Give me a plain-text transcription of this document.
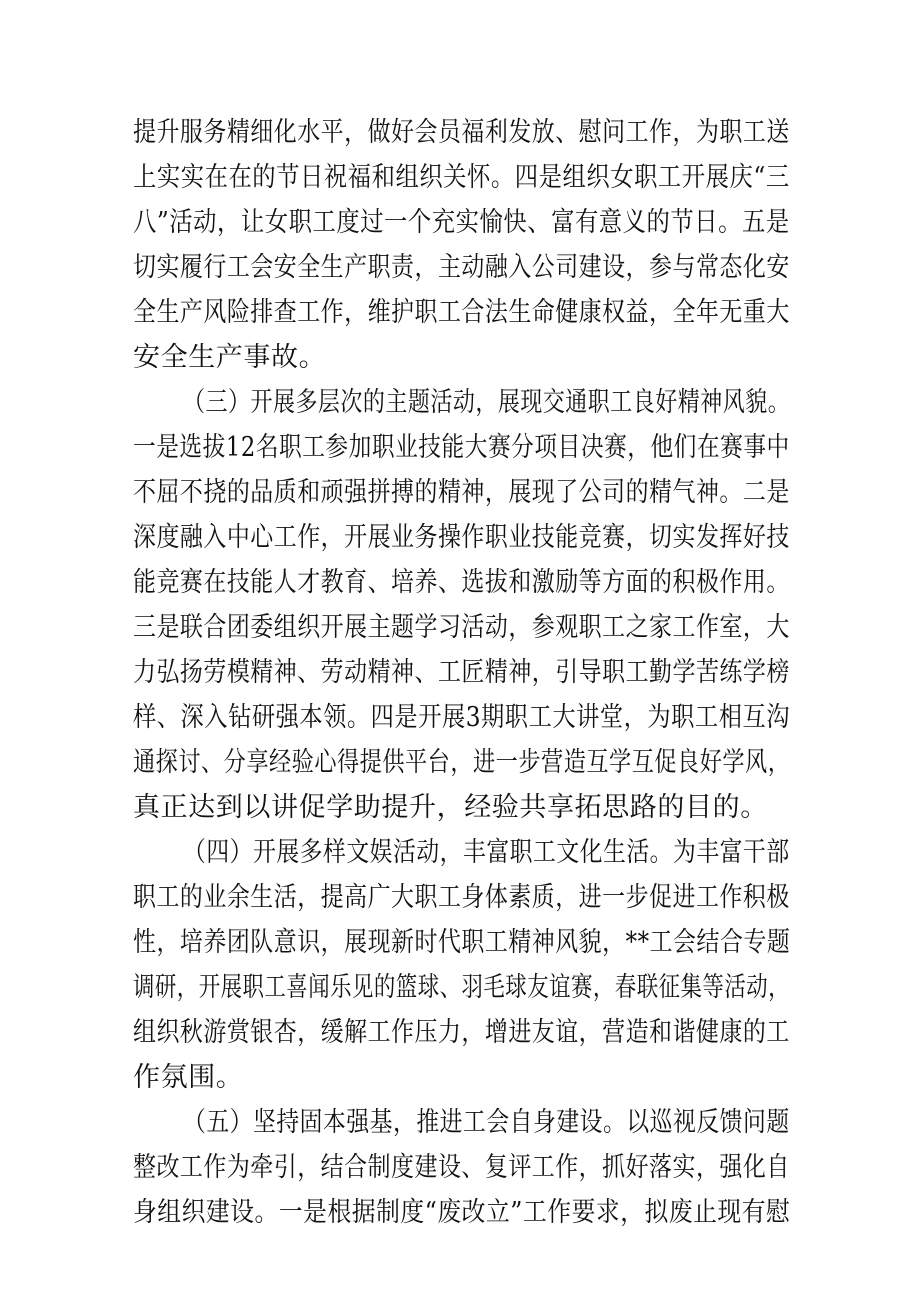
提升服务精细化水平，做好会员福利发放、慰问工作，为职工送
上实实在在的节日祝福和组织关怀。四是组织女职工开展庆“三
八”活动，让女职工度过一个充实愉快、富有意义的节日。五是
切实履行工会安全生产职责，主动融入公司建设，参与常态化安
全生产风险排查工作，维护职工合法生命健康权益，全年无重大
安全生产事故。
（三）开展多层次的主题活动，展现交通职工良好精神风貌。
一是选拔12名职工参加职业技能大赛分项目决赛，他们在赛事中
不屈不挠的品质和顽强拼搏的精神，展现了公司的精气神。二是
深度融入中心工作，开展业务操作职业技能竞赛，切实发挥好技
能竞赛在技能人才教育、培养、选拔和激励等方面的积极作用。
三是联合团委组织开展主题学习活动，参观职工之家工作室，大
力弘扬劳模精神、劳动精神、工匠精神，引导职工勤学苦练学榜
样、深入钻研强本领。四是开展3期职工大讲堂，为职工相互沟
通探讨、分享经验心得提供平台，进一步营造互学互促良好学风，
真正达到以讲促学助提升，经验共享拓思路的目的。
（四）开展多样文娱活动，丰富职工文化生活。为丰富干部
职工的业余生活，提高广大职工身体素质，进一步促进工作积极
性，培养团队意识，展现新时代职工精神风貌，**工会结合专题
调研，开展职工喜闻乐见的篮球、羽毛球友谊赛，春联征集等活动，
组织秋游赏银杏，缓解工作压力，增进友谊，营造和谐健康的工
作氛围。
（五）坚持固本强基，推进工会自身建设。以巡视反馈问题
整改工作为牵引，结合制度建设、复评工作，抓好落实，强化自
身组织建设。一是根据制度“废改立”工作要求，拟废止现有慰
